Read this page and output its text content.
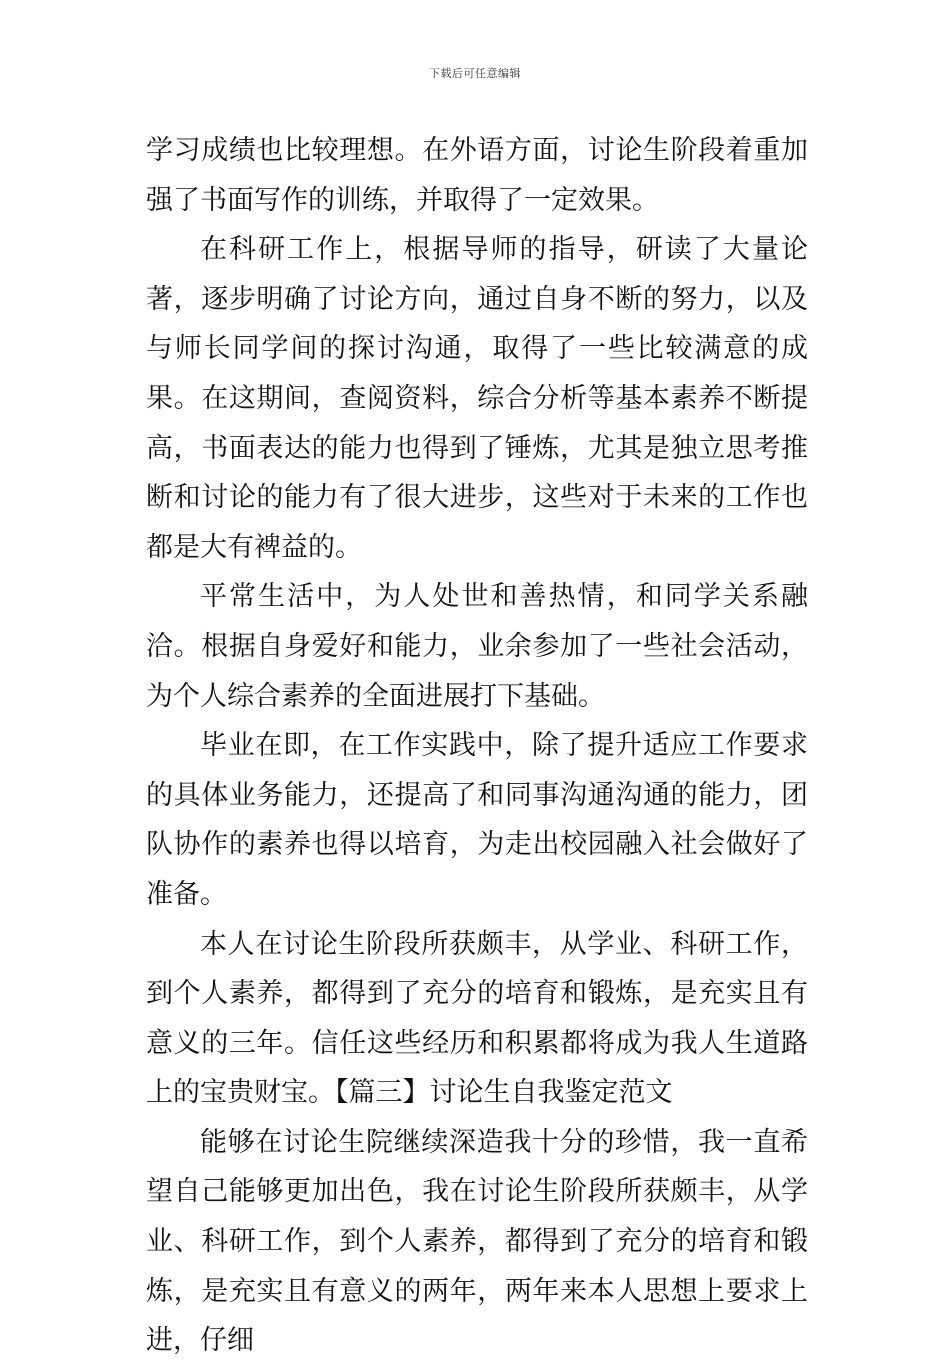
下载后可任意编辑

学习成绩也比较理想。在外语方面，讨论生阶段着重加强了书面写作的训练，并取得了一定效果。

在科研工作上，根据导师的指导，研读了大量论著，逐步明确了讨论方向，通过自身不断的努力，以及与师长同学间的探讨沟通，取得了一些比较满意的成果。在这期间，查阅资料，综合分析等基本素养不断提高，书面表达的能力也得到了锤炼，尤其是独立思考推断和讨论的能力有了很大进步，这些对于未来的工作也都是大有裨益的。

平常生活中，为人处世和善热情，和同学关系融洽。根据自身爱好和能力，业余参加了一些社会活动，为个人综合素养的全面进展打下基础。

毕业在即，在工作实践中，除了提升适应工作要求的具体业务能力，还提高了和同事沟通沟通的能力，团队协作的素养也得以培育，为走出校园融入社会做好了准备。

本人在讨论生阶段所获颇丰，从学业、科研工作，到个人素养，都得到了充分的培育和锻炼，是充实且有意义的三年。信任这些经历和积累都将成为我人生道路上的宝贵财宝。【篇三】讨论生自我鉴定范文

能够在讨论生院继续深造我十分的珍惜，我一直希望自己能够更加出色，我在讨论生阶段所获颇丰，从学业、科研工作，到个人素养，都得到了充分的培育和锻炼，是充实且有意义的两年，两年来本人思想上要求上进，仔细
